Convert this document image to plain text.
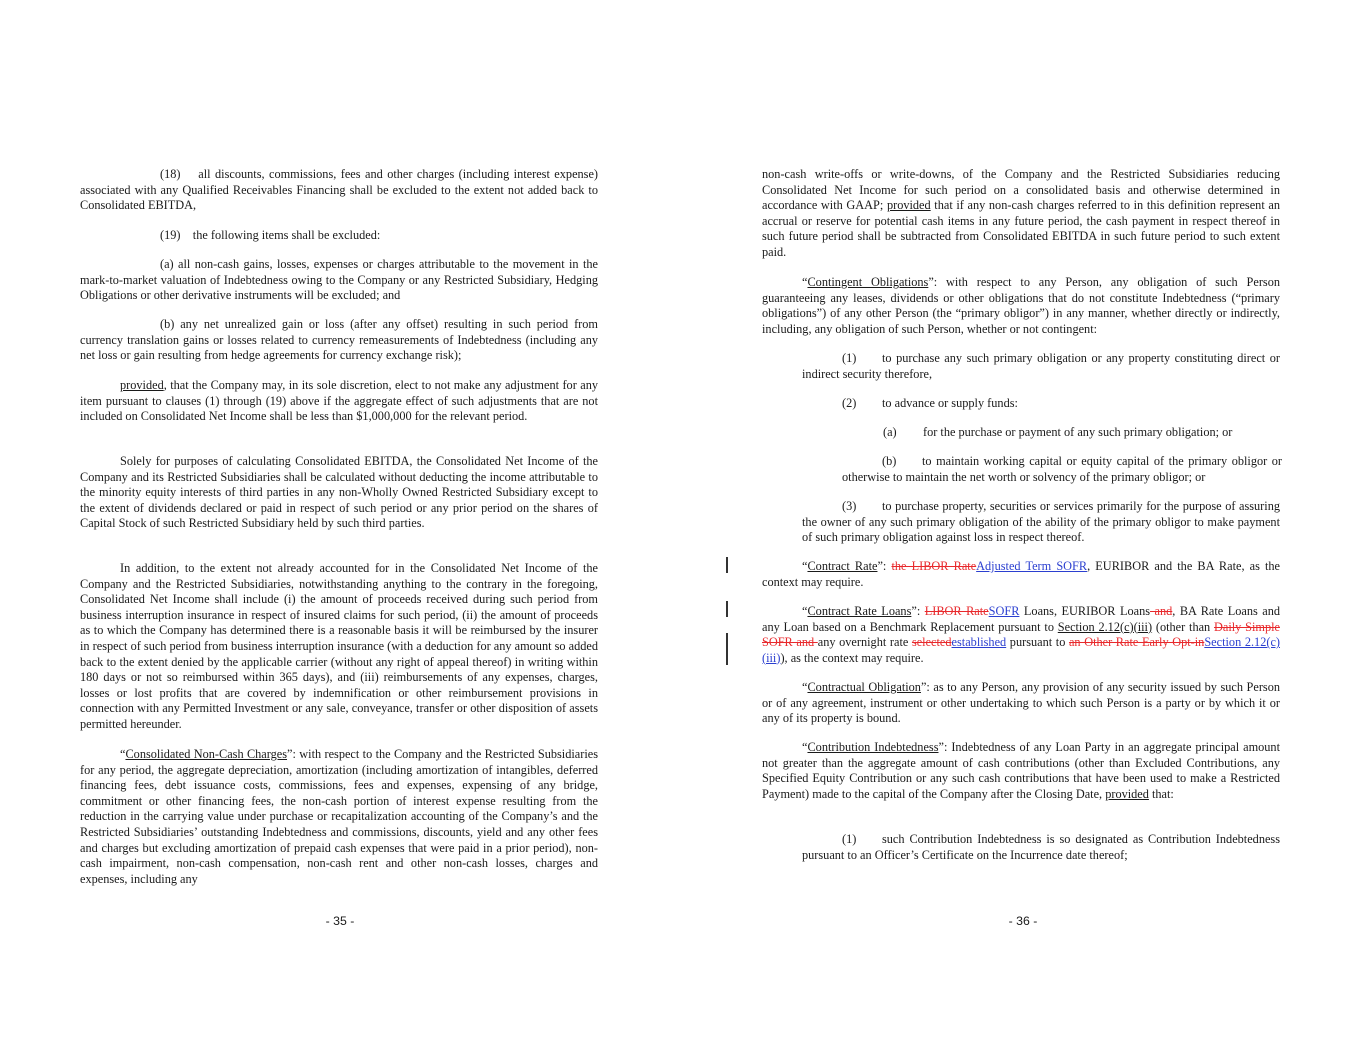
(18) all discounts, commissions, fees and other charges (including interest expense) associated with any Qualified Receivables Financing shall be excluded to the extent not added back to Consolidated EBITDA,

(19) the following items shall be excluded:

(a) all non-cash gains, losses, expenses or charges attributable to the movement in the mark-to-market valuation of Indebtedness owing to the Company or any Restricted Subsidiary, Hedging Obligations or other derivative instruments will be excluded; and

(b) any net unrealized gain or loss (after any offset) resulting in such period from currency translation gains or losses related to currency remeasurements of Indebtedness (including any net loss or gain resulting from hedge agreements for currency exchange risk);

provided, that the Company may, in its sole discretion, elect to not make any adjustment for any item pursuant to clauses (1) through (19) above if the aggregate effect of such adjustments that are not included on Consolidated Net Income shall be less than $1,000,000 for the relevant period.

Solely for purposes of calculating Consolidated EBITDA, the Consolidated Net Income of the Company and its Restricted Subsidiaries shall be calculated without deducting the income attributable to the minority equity interests of third parties in any non-Wholly Owned Restricted Subsidiary except to the extent of dividends declared or paid in respect of such period or any prior period on the shares of Capital Stock of such Restricted Subsidiary held by such third parties.

In addition, to the extent not already accounted for in the Consolidated Net Income of the Company and the Restricted Subsidiaries, notwithstanding anything to the contrary in the foregoing, Consolidated Net Income shall include (i) the amount of proceeds received during such period from business interruption insurance in respect of insured claims for such period, (ii) the amount of proceeds as to which the Company has determined there is a reasonable basis it will be reimbursed by the insurer in respect of such period from business interruption insurance (with a deduction for any amount so added back to the extent denied by the applicable carrier (without any right of appeal thereof) in writing within 180 days or not so reimbursed within 365 days), and (iii) reimbursements of any expenses, charges, losses or lost profits that are covered by indemnification or other reimbursement provisions in connection with any Permitted Investment or any sale, conveyance, transfer or other disposition of assets permitted hereunder.

“Consolidated Non-Cash Charges”: with respect to the Company and the Restricted Subsidiaries for any period, the aggregate depreciation, amortization (including amortization of intangibles, deferred financing fees, debt issuance costs, commissions, fees and expenses, expensing of any bridge, commitment or other financing fees, the non-cash portion of interest expense resulting from the reduction in the carrying value under purchase or recapitalization accounting of the Company’s and the Restricted Subsidiaries’ outstanding Indebtedness and commissions, discounts, yield and any other fees and charges but excluding amortization of prepaid cash expenses that were paid in a prior period), non-cash impairment, non-cash compensation, non-cash rent and other non-cash losses, charges and expenses, including any

- 35 -

non-cash write-offs or write-downs, of the Company and the Restricted Subsidiaries reducing Consolidated Net Income for such period on a consolidated basis and otherwise determined in accordance with GAAP; provided that if any non-cash charges referred to in this definition represent an accrual or reserve for potential cash items in any future period, the cash payment in respect thereof in such future period shall be subtracted from Consolidated EBITDA in such future period to such extent paid.

“Contingent Obligations”: with respect to any Person, any obligation of such Person guaranteeing any leases, dividends or other obligations that do not constitute Indebtedness (“primary obligations”) of any other Person (the “primary obligor”) in any manner, whether directly or indirectly, including, any obligation of such Person, whether or not contingent:

(1) to purchase any such primary obligation or any property constituting direct or indirect security therefore,

(2) to advance or supply funds:

(a) for the purchase or payment of any such primary obligation; or

(b) to maintain working capital or equity capital of the primary obligor or otherwise to maintain the net worth or solvency of the primary obligor; or

(3) to purchase property, securities or services primarily for the purpose of assuring the owner of any such primary obligation of the ability of the primary obligor to make payment of such primary obligation against loss in respect thereof.

“Contract Rate”: the LIBOR RateAdjusted Term SOFR, EURIBOR and the BA Rate, as the context may require.

“Contract Rate Loans”: LIBOR RateSOFR Loans, EURIBOR Loans and, BA Rate Loans and any Loan based on a Benchmark Replacement pursuant to Section 2.12(c)(iii) (other than Daily Simple SOFR and any overnight rate selectedestablished pursuant to an Other Rate Early Opt-inSection 2.12(c)(iii)), as the context may require.

“Contractual Obligation”: as to any Person, any provision of any security issued by such Person or of any agreement, instrument or other undertaking to which such Person is a party or by which it or any of its property is bound.

“Contribution Indebtedness”: Indebtedness of any Loan Party in an aggregate principal amount not greater than the aggregate amount of cash contributions (other than Excluded Contributions, any Specified Equity Contribution or any such cash contributions that have been used to make a Restricted Payment) made to the capital of the Company after the Closing Date, provided that:

(1) such Contribution Indebtedness is so designated as Contribution Indebtedness pursuant to an Officer’s Certificate on the Incurrence date thereof;

- 36 -
